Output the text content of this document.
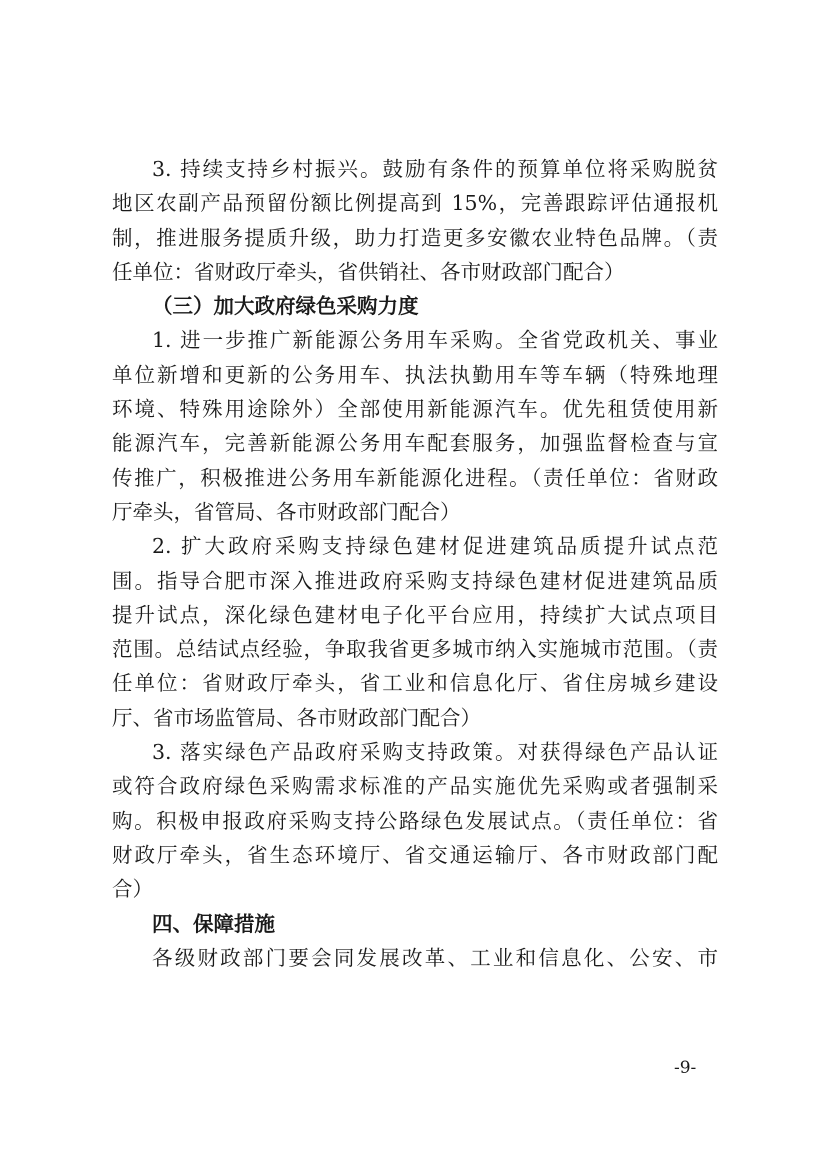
3. 持续支持乡村振兴。鼓励有条件的预算单位将采购脱贫
地区农副产品预留份额比例提高到 15%，完善跟踪评估通报机
制，推进服务提质升级，助力打造更多安徽农业特色品牌。（责
任单位：省财政厅牵头，省供销社、各市财政部门配合）
（三）加大政府绿色采购力度
1. 进一步推广新能源公务用车采购。全省党政机关、事业
单位新增和更新的公务用车、执法执勤用车等车辆（特殊地理
环境、特殊用途除外）全部使用新能源汽车。优先租赁使用新
能源汽车，完善新能源公务用车配套服务，加强监督检查与宣
传推广，积极推进公务用车新能源化进程。（责任单位：省财政
厅牵头，省管局、各市财政部门配合）
2. 扩大政府采购支持绿色建材促进建筑品质提升试点范
围。指导合肥市深入推进政府采购支持绿色建材促进建筑品质
提升试点，深化绿色建材电子化平台应用，持续扩大试点项目
范围。总结试点经验，争取我省更多城市纳入实施城市范围。（责
任单位：省财政厅牵头，省工业和信息化厅、省住房城乡建设
厅、省市场监管局、各市财政部门配合）
3. 落实绿色产品政府采购支持政策。对获得绿色产品认证
或符合政府绿色采购需求标准的产品实施优先采购或者强制采
购。积极申报政府采购支持公路绿色发展试点。（责任单位：省
财政厅牵头，省生态环境厅、省交通运输厅、各市财政部门配
合）
四、保障措施
各级财政部门要会同发展改革、工业和信息化、公安、市
-9-
